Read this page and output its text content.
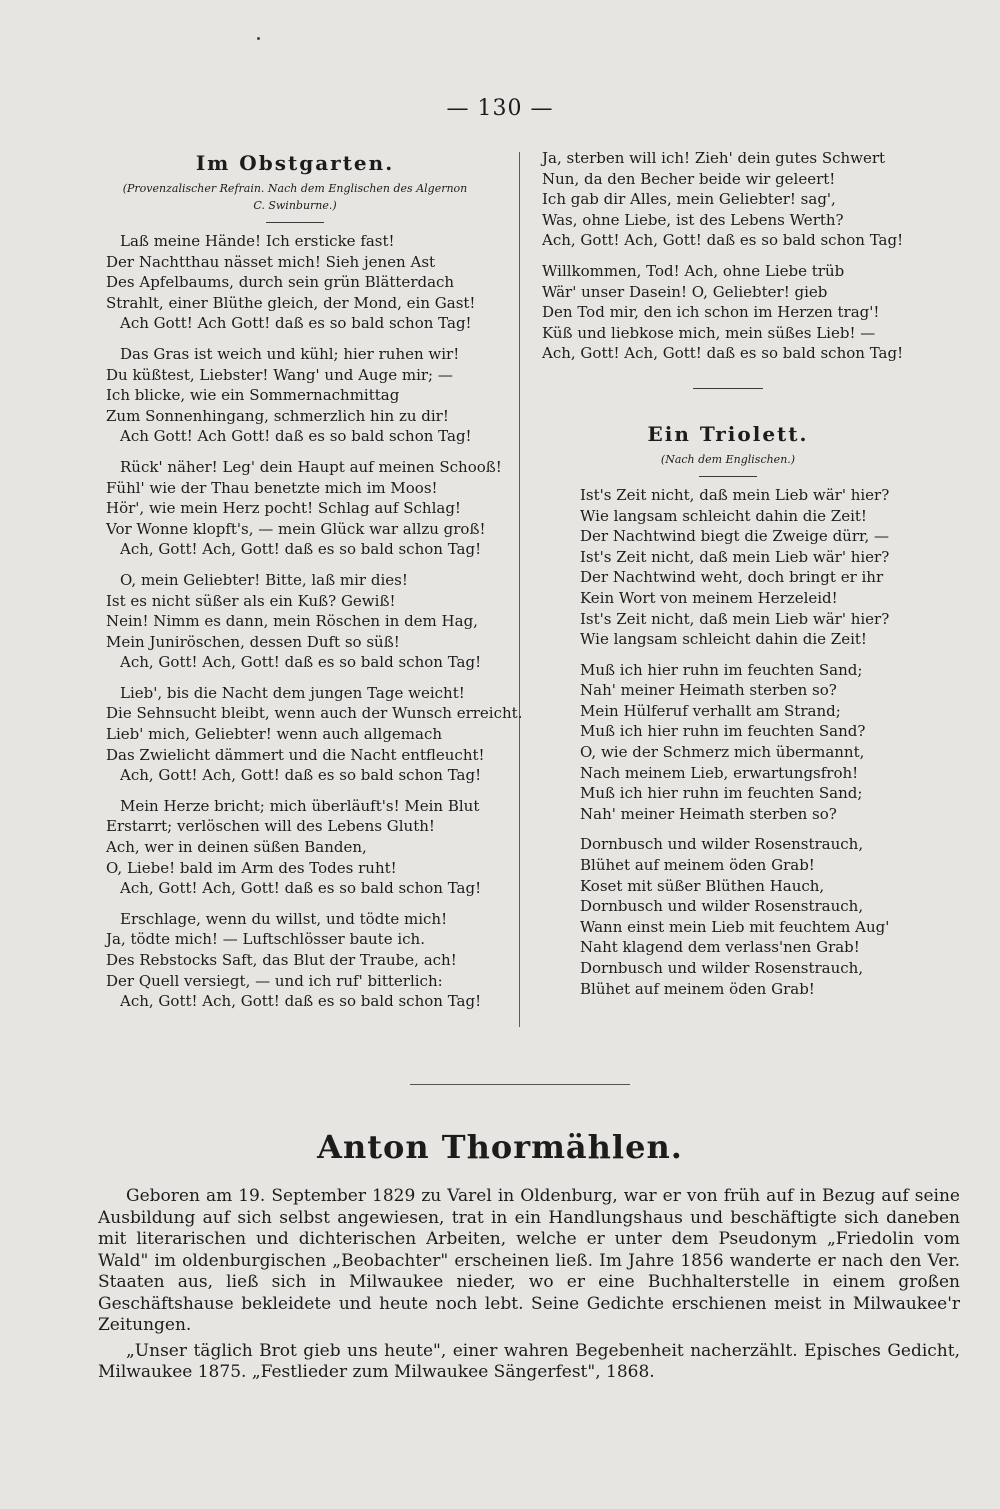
— 130 —
Im Obstgarten.
(Provenzalischer Refrain. Nach dem Englischen des Algernon C. Swinburne.)
Laß meine Hände! Ich ersticke fast!
Der Nachtthau nässet mich! Sieh jenen Ast
Des Apfelbaums, durch sein grün Blätterdach
Strahlt, einer Blüthe gleich, der Mond, ein Gast!
Ach Gott! Ach Gott! daß es so bald schon Tag!
Das Gras ist weich und kühl; hier ruhen wir!
Du küßtest, Liebster! Wang' und Auge mir; —
Ich blicke, wie ein Sommernachmittag
Zum Sonnenhingang, schmerzlich hin zu dir!
Ach Gott! Ach Gott! daß es so bald schon Tag!
Rück' näher! Leg' dein Haupt auf meinen Schooß!
Fühl' wie der Thau benetzte mich im Moos!
Hör', wie mein Herz pocht! Schlag auf Schlag!
Vor Wonne klopft's, — mein Glück war allzu groß!
Ach, Gott! Ach, Gott! daß es so bald schon Tag!
O, mein Geliebter! Bitte, laß mir dies!
Ist es nicht süßer als ein Kuß? Gewiß!
Nein! Nimm es dann, mein Röschen in dem Hag,
Mein Juniröschen, dessen Duft so süß!
Ach, Gott! Ach, Gott! daß es so bald schon Tag!
Lieb', bis die Nacht dem jungen Tage weicht!
Die Sehnsucht bleibt, wenn auch der Wunsch erreicht.
Lieb' mich, Geliebter! wenn auch allgemach
Das Zwielicht dämmert und die Nacht entfleucht!
Ach, Gott! Ach, Gott! daß es so bald schon Tag!
Mein Herze bricht; mich überläuft's! Mein Blut
Erstarrt; verlöschen will des Lebens Gluth!
Ach, wer in deinen süßen Banden,
O, Liebe! bald im Arm des Todes ruht!
Ach, Gott! Ach, Gott! daß es so bald schon Tag!
Erschlage, wenn du willst, und tödte mich!
Ja, tödte mich! — Luftschlösser baute ich.
Des Rebstocks Saft, das Blut der Traube, ach!
Der Quell versiegt, — und ich ruf' bitterlich:
Ach, Gott! Ach, Gott! daß es so bald schon Tag!
Ja, sterben will ich! Zieh' dein gutes Schwert
Nun, da den Becher beide wir geleert!
Ich gab dir Alles, mein Geliebter! sag',
Was, ohne Liebe, ist des Lebens Werth?
Ach, Gott! Ach, Gott! daß es so bald schon Tag!
Willkommen, Tod! Ach, ohne Liebe trüb
Wär' unser Dasein! O, Geliebter! gieb
Den Tod mir, den ich schon im Herzen trag'!
Küß und liebkose mich, mein süßes Lieb! —
Ach, Gott! Ach, Gott! daß es so bald schon Tag!
Ein Triolett.
(Nach dem Englischen.)
Ist's Zeit nicht, daß mein Lieb wär' hier?
Wie langsam schleicht dahin die Zeit!
Der Nachtwind biegt die Zweige dürr, —
Ist's Zeit nicht, daß mein Lieb wär' hier?
Der Nachtwind weht, doch bringt er ihr
Kein Wort von meinem Herzeleid!
Ist's Zeit nicht, daß mein Lieb wär' hier?
Wie langsam schleicht dahin die Zeit!
Muß ich hier ruhn im feuchten Sand;
Nah' meiner Heimath sterben so?
Mein Hülferuf verhallt am Strand;
Muß ich hier ruhn im feuchten Sand?
O, wie der Schmerz mich übermannt,
Nach meinem Lieb, erwartungsfroh!
Muß ich hier ruhn im feuchten Sand;
Nah' meiner Heimath sterben so?
Dornbusch und wilder Rosenstrauch,
Blühet auf meinem öden Grab!
Koset mit süßer Blüthen Hauch,
Dornbusch und wilder Rosenstrauch,
Wann einst mein Lieb mit feuchtem Aug'
Naht klagend dem verlass'nen Grab!
Dornbusch und wilder Rosenstrauch,
Blühet auf meinem öden Grab!
Anton Thormählen.

Geboren am 19. September 1829 zu Varel in Oldenburg, war er von früh auf in Bezug auf seine Ausbildung auf sich selbst angewiesen, trat in ein Handlungshaus und beschäftigte sich daneben mit literarischen und dichterischen Arbeiten, welche er unter dem Pseudonym „Friedolin vom Wald" im oldenburgischen „Beobachter" erscheinen ließ. Im Jahre 1856 wanderte er nach den Ver. Staaten aus, ließ sich in Milwaukee nieder, wo er eine Buchhalterstelle in einem großen Geschäftshause bekleidete und heute noch lebt. Seine Gedichte erschienen meist in Milwaukee'r Zeitungen.

„Unser täglich Brot gieb uns heute", einer wahren Begebenheit nacherzählt. Episches Gedicht, Milwaukee 1875. „Festlieder zum Milwaukee Sängerfest", 1868.
